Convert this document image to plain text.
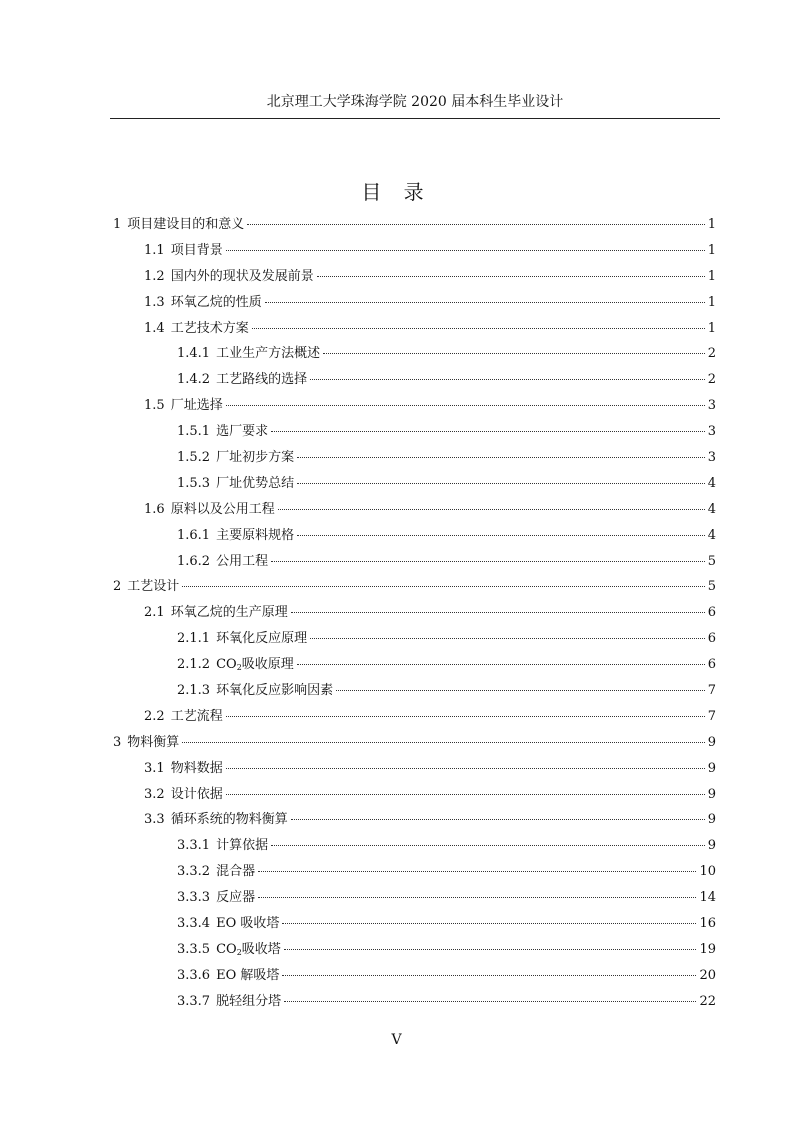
北京理工大学珠海学院 2020 届本科生毕业设计
目 录
1 项目建设目的和意义	1
1.1 项目背景	1
1.2 国内外的现状及发展前景	1
1.3 环氧乙烷的性质	1
1.4 工艺技术方案	1
1.4.1 工业生产方法概述	2
1.4.2 工艺路线的选择	2
1.5 厂址选择	3
1.5.1 选厂要求	3
1.5.2 厂址初步方案	3
1.5.3 厂址优势总结	4
1.6 原料以及公用工程	4
1.6.1 主要原料规格	4
1.6.2 公用工程	5
2 工艺设计	5
2.1 环氧乙烷的生产原理	6
2.1.1 环氧化反应原理	6
2.1.2 $CO_2$吸收原理	6
2.1.3 环氧化反应影响因素	7
2.2 工艺流程	7
3 物料衡算	9
3.1 物料数据	9
3.2 设计依据	9
3.3 循环系统的物料衡算	9
3.3.1 计算依据	9
3.3.2 混合器	10
3.3.3 反应器	14
3.3.4 EO 吸收塔	16
3.3.5 $CO_2$吸收塔	19
3.3.6 EO 解吸塔	20
3.3.7 脱轻组分塔	22
V
